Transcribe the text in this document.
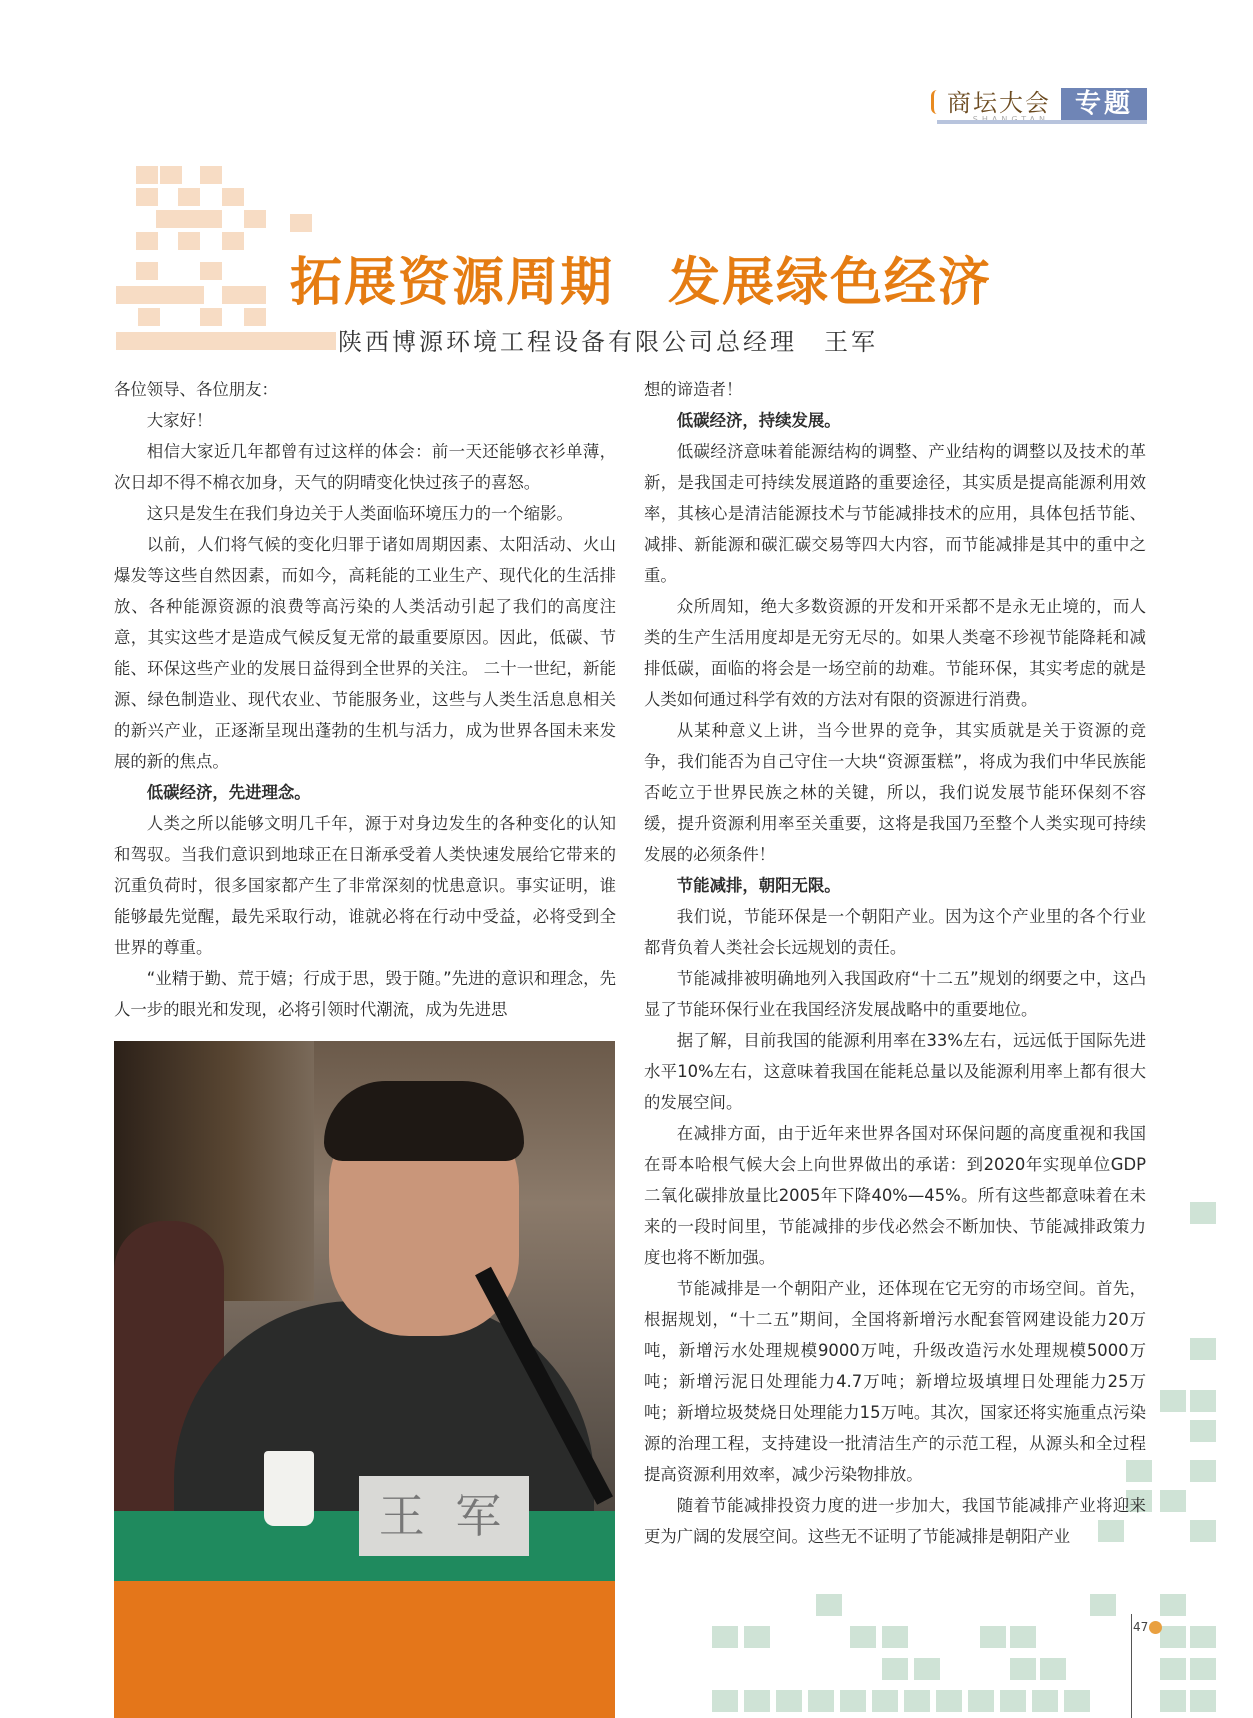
商坛大会 专题
拓展资源周期　发展绿色经济
陕西博源环境工程设备有限公司总经理　王军

各位领导、各位朋友：

大家好！

相信大家近几年都曾有过这样的体会：前一天还能够衣衫单薄，次日却不得不棉衣加身，天气的阴晴变化快过孩子的喜怒。

这只是发生在我们身边关于人类面临环境压力的一个缩影。

以前，人们将气候的变化归罪于诸如周期因素、太阳活动、火山爆发等这些自然因素，而如今，高耗能的工业生产、现代化的生活排放、各种能源资源的浪费等高污染的人类活动引起了我们的高度注意，其实这些才是造成气候反复无常的最重要原因。因此，低碳、节能、环保这些产业的发展日益得到全世界的关注。 二十一世纪，新能源、绿色制造业、现代农业、节能服务业，这些与人类生活息息相关的新兴产业，正逐渐呈现出蓬勃的生机与活力，成为世界各国未来发展的新的焦点。

低碳经济，先进理念。

人类之所以能够文明几千年，源于对身边发生的各种变化的认知和驾驭。当我们意识到地球正在日渐承受着人类快速发展给它带来的沉重负荷时，很多国家都产生了非常深刻的忧患意识。事实证明，谁能够最先觉醒，最先采取行动，谁就必将在行动中受益，必将受到全世界的尊重。

“业精于勤、荒于嬉；行成于思，毁于随。”先进的意识和理念，先人一步的眼光和发现，必将引领时代潮流，成为先进思

王 军

想的谛造者！

低碳经济，持续发展。

低碳经济意味着能源结构的调整、产业结构的调整以及技术的革新，是我国走可持续发展道路的重要途径，其实质是提高能源利用效率，其核心是清洁能源技术与节能减排技术的应用，具体包括节能、减排、新能源和碳汇碳交易等四大内容，而节能减排是其中的重中之重。

众所周知，绝大多数资源的开发和开采都不是永无止境的，而人类的生产生活用度却是无穷无尽的。如果人类毫不珍视节能降耗和减排低碳，面临的将会是一场空前的劫难。节能环保，其实考虑的就是人类如何通过科学有效的方法对有限的资源进行消费。

从某种意义上讲，当今世界的竞争，其实质就是关于资源的竞争，我们能否为自己守住一大块“资源蛋糕”，将成为我们中华民族能否屹立于世界民族之林的关键，所以，我们说发展节能环保刻不容缓，提升资源利用率至关重要，这将是我国乃至整个人类实现可持续发展的必须条件！

节能减排，朝阳无限。

我们说，节能环保是一个朝阳产业。因为这个产业里的各个行业都背负着人类社会长远规划的责任。

节能减排被明确地列入我国政府“十二五”规划的纲要之中，这凸显了节能环保行业在我国经济发展战略中的重要地位。

据了解，目前我国的能源利用率在33%左右，远远低于国际先进水平10%左右，这意味着我国在能耗总量以及能源利用率上都有很大的发展空间。

在减排方面，由于近年来世界各国对环保问题的高度重视和我国在哥本哈根气候大会上向世界做出的承诺：到2020年实现单位GDP二氧化碳排放量比2005年下降40%—45%。所有这些都意味着在未来的一段时间里，节能减排的步伐必然会不断加快、节能减排政策力度也将不断加强。

节能减排是一个朝阳产业，还体现在它无穷的市场空间。首先，根据规划，“十二五”期间，全国将新增污水配套管网建设能力20万吨，新增污水处理规模9000万吨，升级改造污水处理规模5000万吨；新增污泥日处理能力4.7万吨；新增垃圾填埋日处理能力25万吨；新增垃圾焚烧日处理能力15万吨。其次，国家还将实施重点污染源的治理工程，支持建设一批清洁生产的示范工程，从源头和全过程提高资源利用效率，减少污染物排放。

随着节能减排投资力度的进一步加大，我国节能减排产业将迎来更为广阔的发展空间。这些无不证明了节能减排是朝阳产业

47
